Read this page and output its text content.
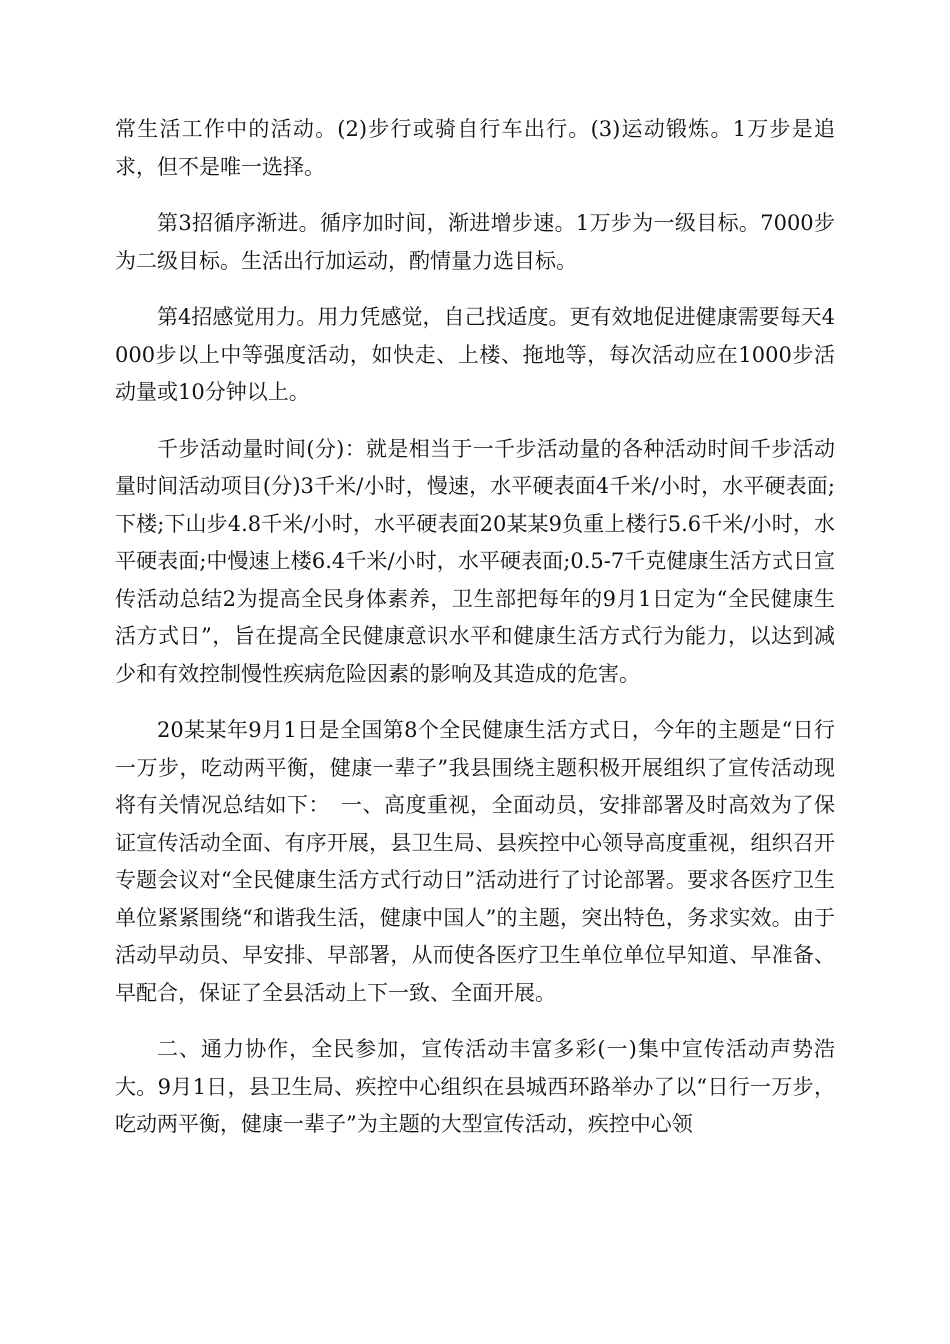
常生活工作中的活动。(2)步行或骑自行车出行。(3)运动锻炼。1万步是追求，但不是唯一选择。

第3招循序渐进。循序加时间，渐进增步速。1万步为一级目标。7000步为二级目标。生活出行加运动，酌情量力选目标。

第4招感觉用力。用力凭感觉，自己找适度。更有效地促进健康需要每天4000步以上中等强度活动，如快走、上楼、拖地等，每次活动应在1000步活动量或10分钟以上。

千步活动量时间(分)：就是相当于一千步活动量的各种活动时间千步活动量时间活动项目(分)3千米/小时，慢速，水平硬表面4千米/小时，水平硬表面;下楼;下山步4.8千米/小时，水平硬表面20某某9负重上楼行5.6千米/小时，水平硬表面;中慢速上楼6.4千米/小时，水平硬表面;0.5-7千克健康生活方式日宣传活动总结2为提高全民身体素养，卫生部把每年的9月1日定为“全民健康生活方式日”，旨在提高全民健康意识水平和健康生活方式行为能力，以达到减少和有效控制慢性疾病危险因素的影响及其造成的危害。

20某某年9月1日是全国第8个全民健康生活方式日，今年的主题是“日行一万步，吃动两平衡，健康一辈子”我县围绕主题积极开展组织了宣传活动现将有关情况总结如下：　一、高度重视，全面动员，安排部署及时高效为了保证宣传活动全面、有序开展，县卫生局、县疾控中心领导高度重视，组织召开专题会议对“全民健康生活方式行动日”活动进行了讨论部署。要求各医疗卫生单位紧紧围绕“和谐我生活，健康中国人”的主题，突出特色，务求实效。由于活动早动员、早安排、早部署，从而使各医疗卫生单位单位早知道、早准备、早配合，保证了全县活动上下一致、全面开展。

二、通力协作，全民参加，宣传活动丰富多彩(一)集中宣传活动声势浩大。9月1日，县卫生局、疾控中心组织在县城西环路举办了以“日行一万步，吃动两平衡，健康一辈子”为主题的大型宣传活动，疾控中心领
